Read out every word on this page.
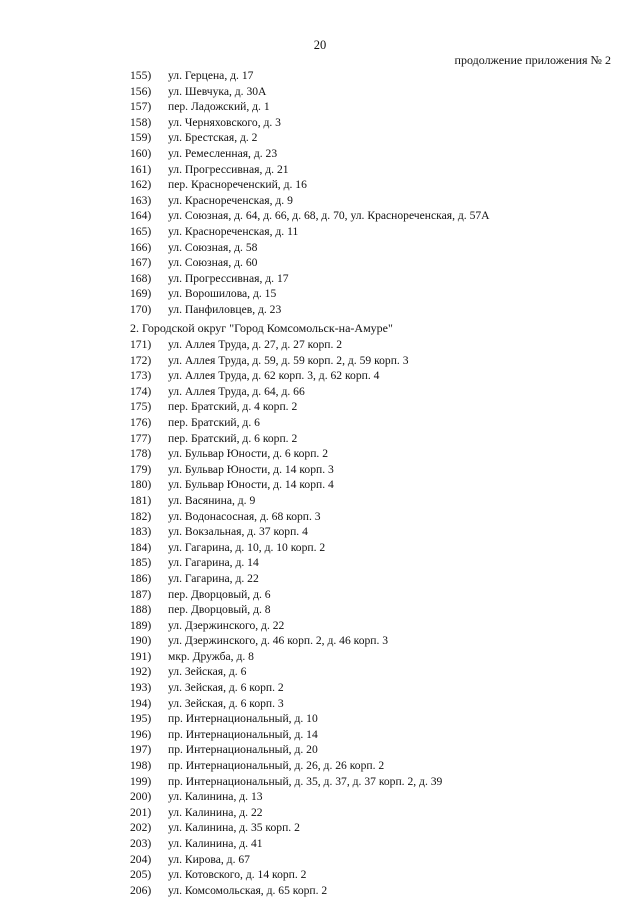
20
продолжение приложения № 2
155)	ул. Герцена, д. 17
156)	ул. Шевчука, д. 30А
157)	пер. Ладожский, д. 1
158)	ул. Черняховского, д. 3
159)	ул. Брестская, д. 2
160)	ул. Ремесленная, д. 23
161)	ул. Прогрессивная, д. 21
162)	пер. Краснореченский, д. 16
163)	ул. Краснореченская, д. 9
164)	ул. Союзная, д. 64, д. 66, д. 68, д. 70, ул. Краснореченская, д. 57А
165)	ул. Краснореченская, д. 11
166)	ул. Союзная, д. 58
167)	ул. Союзная, д. 60
168)	ул. Прогрессивная, д. 17
169)	ул. Ворошилова, д. 15
170)	ул. Панфиловцев, д. 23
2. Городской округ "Город Комсомольск-на-Амуре"
171)	ул. Аллея Труда, д. 27, д. 27 корп. 2
172)	ул. Аллея Труда, д. 59, д. 59 корп. 2, д. 59 корп. 3
173)	ул. Аллея Труда, д. 62 корп. 3, д. 62 корп. 4
174)	ул. Аллея Труда, д. 64, д. 66
175)	пер. Братский, д. 4 корп. 2
176)	пер. Братский, д. 6
177)	пер. Братский, д. 6 корп. 2
178)	ул. Бульвар Юности, д. 6 корп. 2
179)	ул. Бульвар Юности, д. 14 корп. 3
180)	ул. Бульвар Юности, д. 14 корп. 4
181)	ул. Васянина, д. 9
182)	ул. Водонасосная, д. 68 корп. 3
183)	ул. Вокзальная, д. 37 корп. 4
184)	ул. Гагарина, д. 10, д. 10 корп. 2
185)	ул. Гагарина, д. 14
186)	ул. Гагарина, д. 22
187)	пер. Дворцовый, д. 6
188)	пер. Дворцовый, д. 8
189)	ул. Дзержинского, д. 22
190)	ул. Дзержинского, д. 46 корп. 2, д. 46 корп. 3
191)	мкр. Дружба, д. 8
192)	ул. Зейская, д. 6
193)	ул. Зейская, д. 6 корп. 2
194)	ул. Зейская, д. 6 корп. 3
195)	пр. Интернациональный, д. 10
196)	пр. Интернациональный, д. 14
197)	пр. Интернациональный, д. 20
198)	пр. Интернациональный, д. 26, д. 26 корп. 2
199)	пр. Интернациональный, д. 35, д. 37, д. 37 корп. 2, д. 39
200)	ул. Калинина, д. 13
201)	ул. Калинина, д. 22
202)	ул. Калинина, д. 35 корп. 2
203)	ул. Калинина, д. 41
204)	ул. Кирова, д. 67
205)	ул. Котовского, д. 14 корп. 2
206)	ул. Комсомольская, д. 65 корп. 2
